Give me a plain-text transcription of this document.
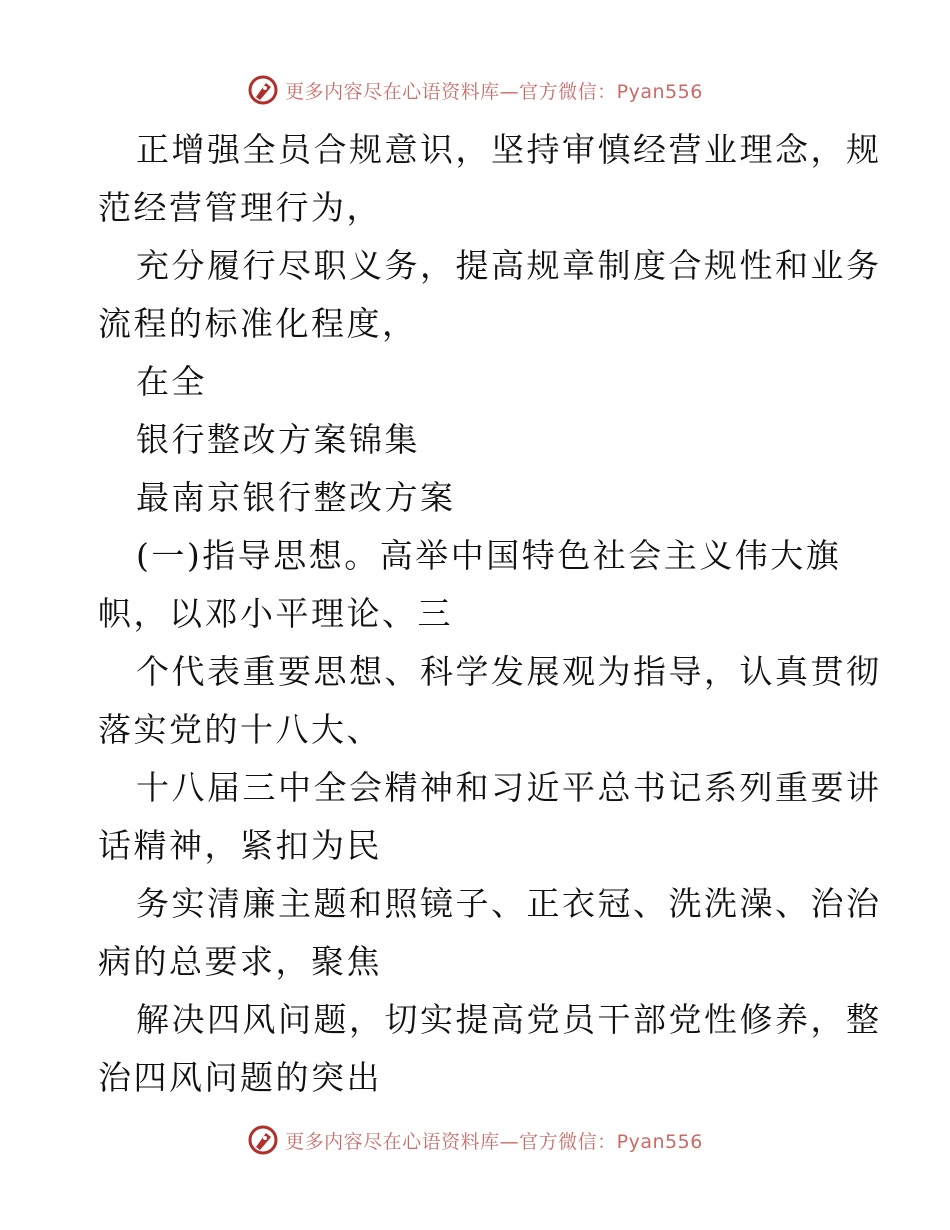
更多内容尽在心语资料库—官方微信：Pyan556
正增强全员合规意识，坚持审慎经营业理念，规
范经营管理行为，
充分履行尽职义务，提高规章制度合规性和业务
流程的标准化程度，
在全
银行整改方案锦集
最南京银行整改方案
(一)指导思想。高举中国特色社会主义伟大旗
帜，以邓小平理论、三
个代表重要思想、科学发展观为指导，认真贯彻
落实党的十八大、
十八届三中全会精神和习近平总书记系列重要讲
话精神，紧扣为民
务实清廉主题和照镜子、正衣冠、洗洗澡、治治
病的总要求，聚焦
解决四风问题，切实提高党员干部党性修养，整
治四风问题的突出
更多内容尽在心语资料库—官方微信：Pyan556
